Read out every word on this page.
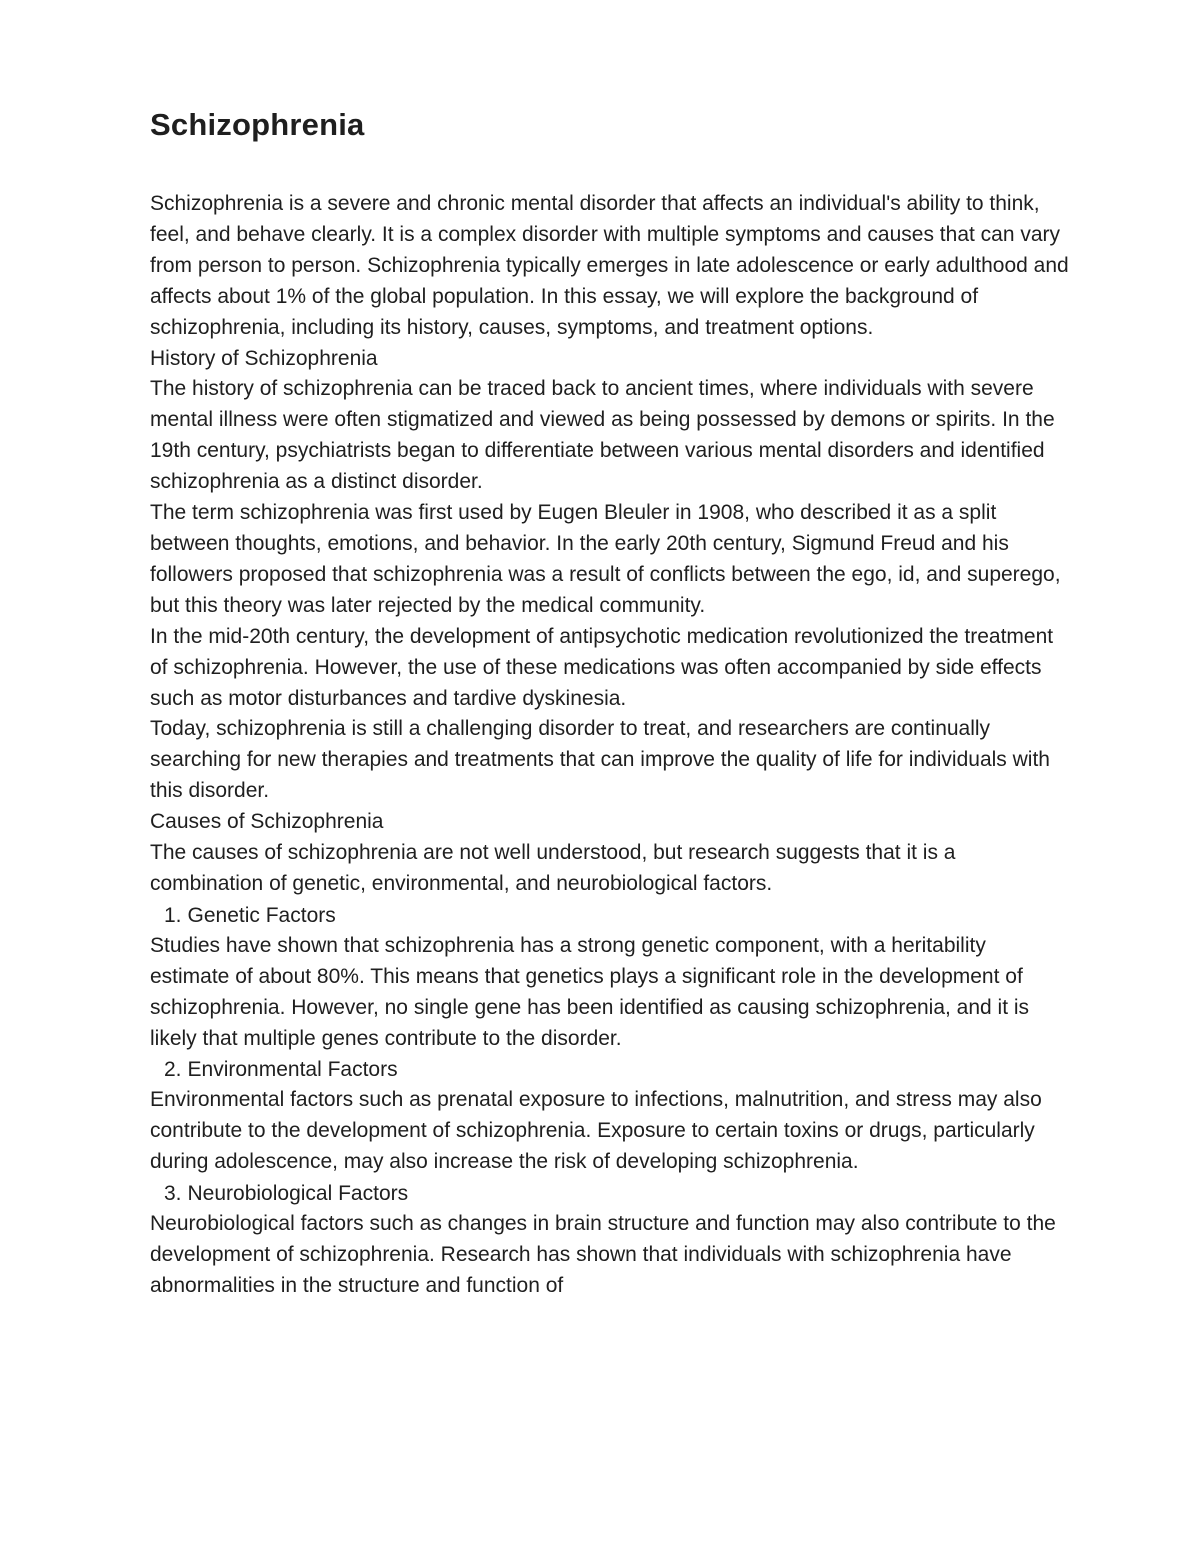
Schizophrenia

Schizophrenia is a severe and chronic mental disorder that affects an individual's ability to think, feel, and behave clearly. It is a complex disorder with multiple symptoms and causes that can vary from person to person. Schizophrenia typically emerges in late adolescence or early adulthood and affects about 1% of the global population. In this essay, we will explore the background of schizophrenia, including its history, causes, symptoms, and treatment options.

History of Schizophrenia

The history of schizophrenia can be traced back to ancient times, where individuals with severe mental illness were often stigmatized and viewed as being possessed by demons or spirits. In the 19th century, psychiatrists began to differentiate between various mental disorders and identified schizophrenia as a distinct disorder.

The term schizophrenia was first used by Eugen Bleuler in 1908, who described it as a split between thoughts, emotions, and behavior. In the early 20th century, Sigmund Freud and his followers proposed that schizophrenia was a result of conflicts between the ego, id, and superego, but this theory was later rejected by the medical community.

In the mid-20th century, the development of antipsychotic medication revolutionized the treatment of schizophrenia. However, the use of these medications was often accompanied by side effects such as motor disturbances and tardive dyskinesia.

Today, schizophrenia is still a challenging disorder to treat, and researchers are continually searching for new therapies and treatments that can improve the quality of life for individuals with this disorder.

Causes of Schizophrenia

The causes of schizophrenia are not well understood, but research suggests that it is a combination of genetic, environmental, and neurobiological factors.

1. Genetic Factors

Studies have shown that schizophrenia has a strong genetic component, with a heritability estimate of about 80%. This means that genetics plays a significant role in the development of schizophrenia. However, no single gene has been identified as causing schizophrenia, and it is likely that multiple genes contribute to the disorder.

2. Environmental Factors

Environmental factors such as prenatal exposure to infections, malnutrition, and stress may also contribute to the development of schizophrenia. Exposure to certain toxins or drugs, particularly during adolescence, may also increase the risk of developing schizophrenia.

3. Neurobiological Factors

Neurobiological factors such as changes in brain structure and function may also contribute to the development of schizophrenia. Research has shown that individuals with schizophrenia have abnormalities in the structure and function of
